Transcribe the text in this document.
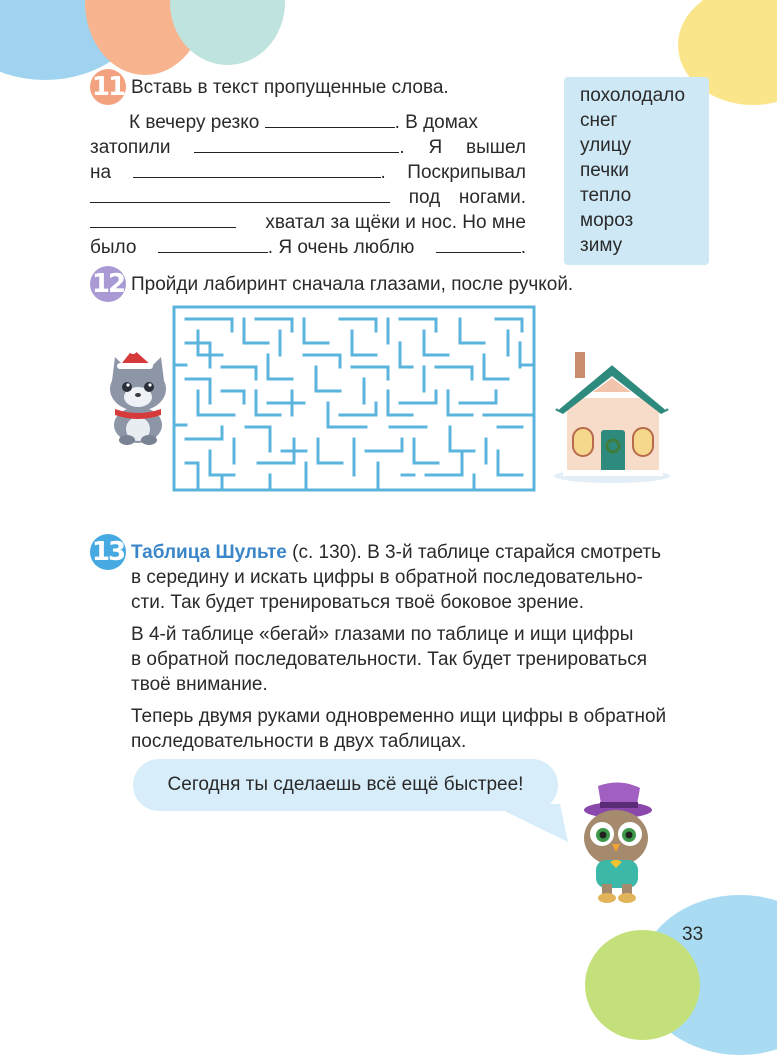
11 Вставь в текст пропущенные слова.
К вечеру резко	. В домах
затопили	. Я вышел
на	. Поскрипывал
под ногами.
хватал за щёки и нос. Но мне
было	. Я очень люблю	.
похолодало
снег
улицу
печки
тепло
мороз
зиму
12 Пройди лабиринт сначала глазами, после ручкой.
13 Таблица Шульте (с. 130). В 3-й таблице старайся смотреть
в середину и искать цифры в обратной последовательно-
сти. Так будет тренироваться твоё боковое зрение.
В 4-й таблице «бегай» глазами по таблице и ищи цифры
в обратной последовательности. Так будет тренироваться
твоё внимание.
Теперь двумя руками одновременно ищи цифры в обратной
последовательности в двух таблицах.
Сегодня ты сделаешь всё ещё быстрее!
33
